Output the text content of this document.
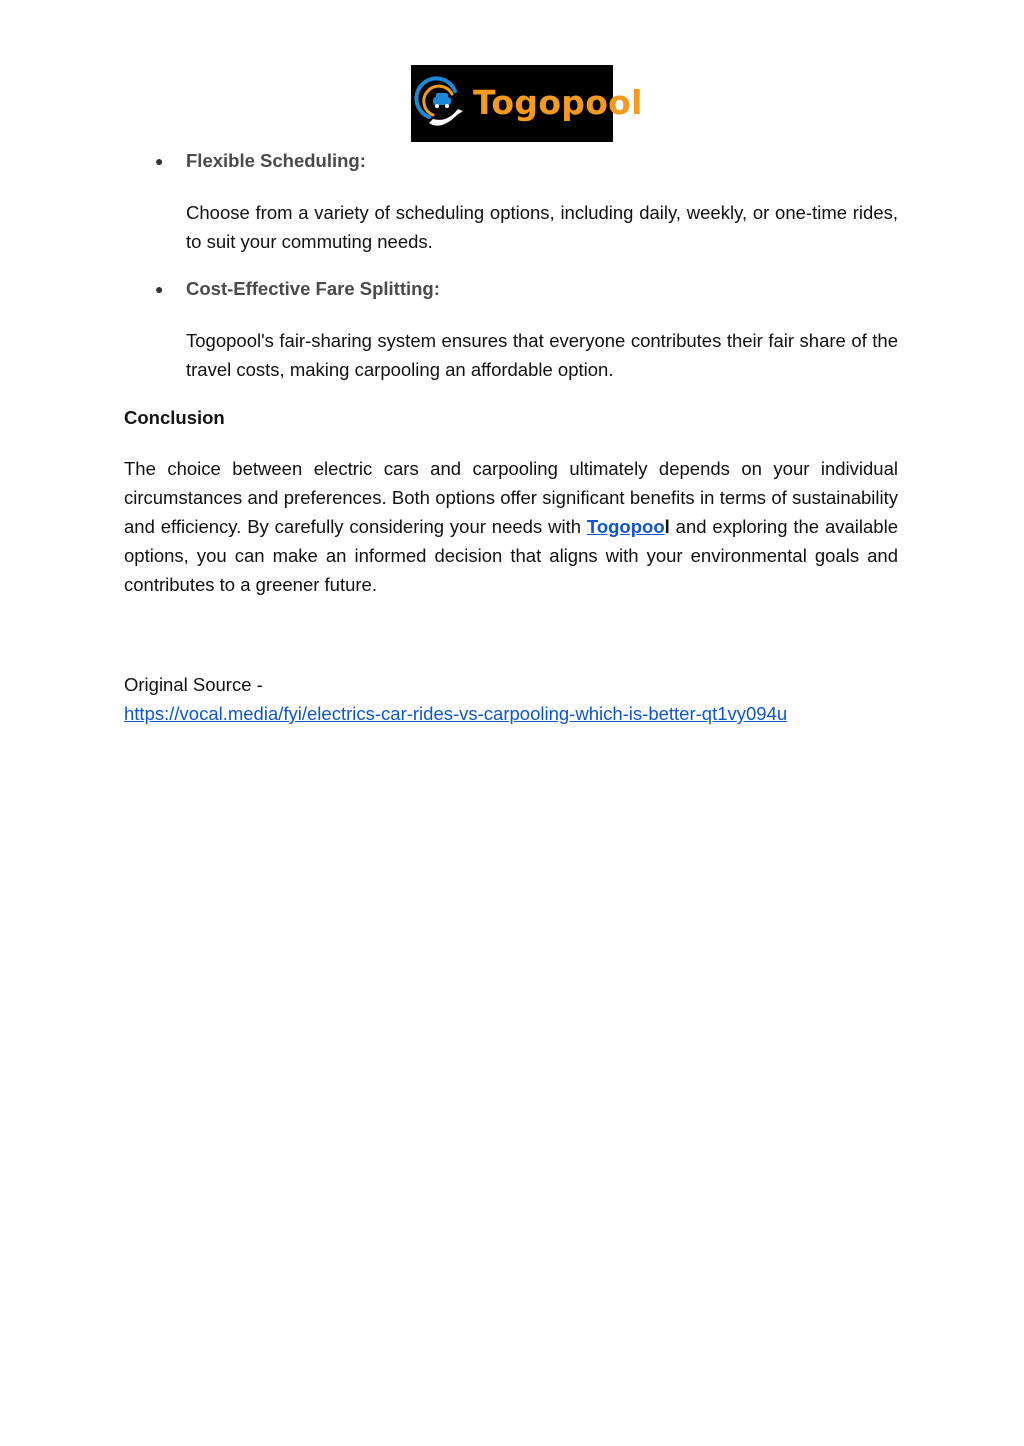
Togopool
● Flexible Scheduling:
Choose from a variety of scheduling options, including daily, weekly, or one-time rides, to suit your commuting needs.
● Cost-Effective Fare Splitting:
Togopool's fair-sharing system ensures that everyone contributes their fair share of the travel costs, making carpooling an affordable option.
Conclusion
The choice between electric cars and carpooling ultimately depends on your individual circumstances and preferences. Both options offer significant benefits in terms of sustainability and efficiency. By carefully considering your needs with Togopool and exploring the available options, you can make an informed decision that aligns with your environmental goals and contributes to a greener future.
Original Source -
https://vocal.media/fyi/electrics-car-rides-vs-carpooling-which-is-better-qt1vy094u
